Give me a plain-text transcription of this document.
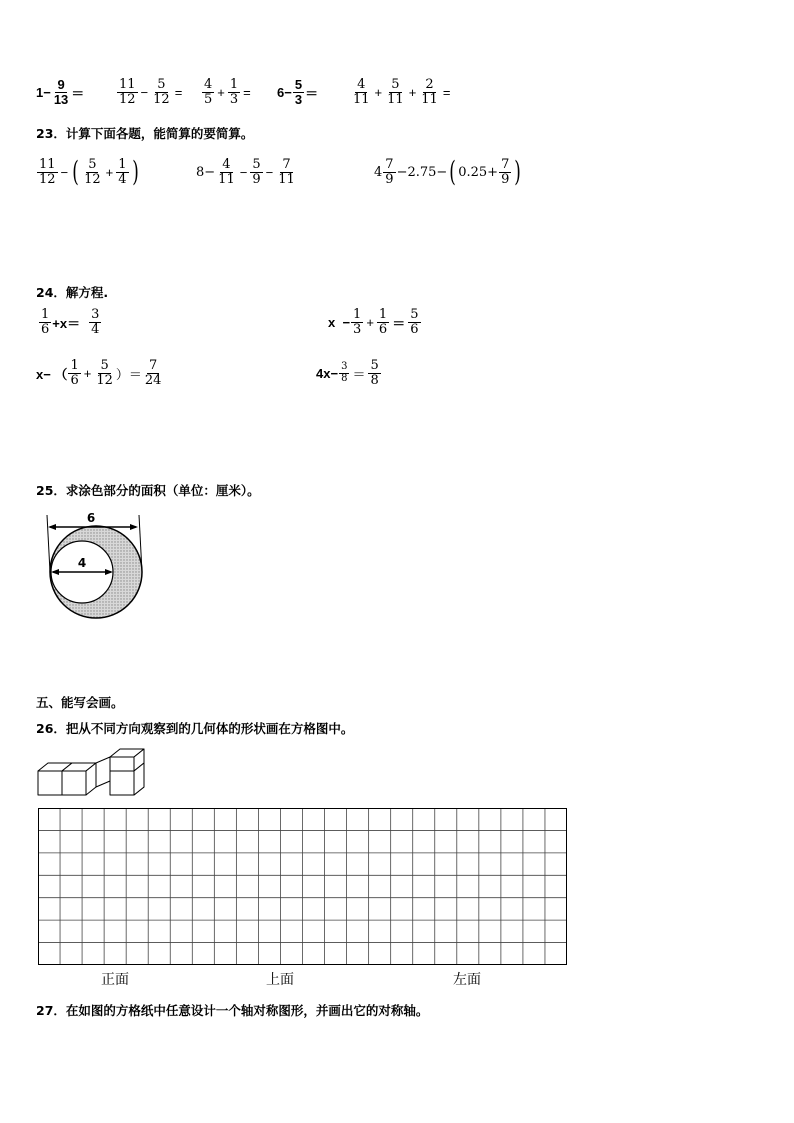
$1- \frac{9}{13}$ ＝	$\frac{11}{12} - \frac{5}{12} = \frac{4}{5} + \frac{1}{3} = 6- \frac{5}{3}$ ＝	$\frac{4}{11} + \frac{5}{11} + \frac{2}{11}$ =
23．计算下面各题，能简算的要简算。
$\frac{11}{12}$ − ( $\frac{5}{12} + \frac{1}{4}$ )	$8- \frac{4}{11} - \frac{5}{9} - \frac{7}{11}$	$4 \frac{7}{9} -2.75-$ ( $0.25+ \frac{7}{9}$ )
24．解方程.
$\frac{1}{6} +x= \frac{3}{4}$	$x - \frac{1}{3} + \frac{1}{6} = \frac{5}{6}$
x− （ $\frac{1}{6} + \frac{5}{12}$ ）＝ $\frac{7}{24}$	$4x- \frac{3}{8} = \frac{5}{8}$
25．求涂色部分的面积（单位：厘米）。
6
4
五、能写会画。
26．把从不同方向观察到的几何体的形状画在方格图中。
正面	上面	左面
27．在如图的方格纸中任意设计一个轴对称图形，并画出它的对称轴。
